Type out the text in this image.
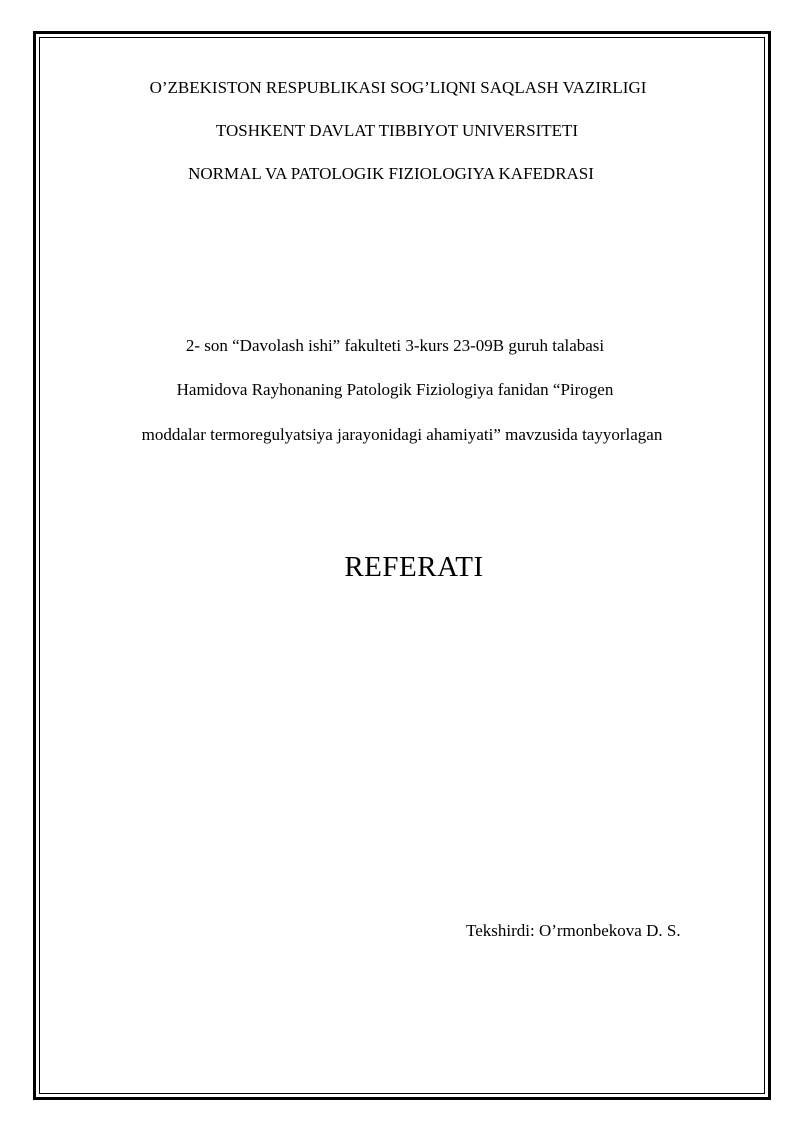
O’ZBEKISTON RESPUBLIKASI SOG’LIQNI SAQLASH VAZIRLIGI
TOSHKENT DAVLAT TIBBIYOT UNIVERSITETI
NORMAL VA PATOLOGIK FIZIOLOGIYA KAFEDRASI
2- son “Davolash ishi” fakulteti 3-kurs 23-09B guruh talabasi
Hamidova Rayhonaning Patologik Fiziologiya fanidan “Pirogen
moddalar termoregulyatsiya jarayonidagi ahamiyati” mavzusida tayyorlagan
REFERATI
Tekshirdi: O’rmonbekova D. S.
